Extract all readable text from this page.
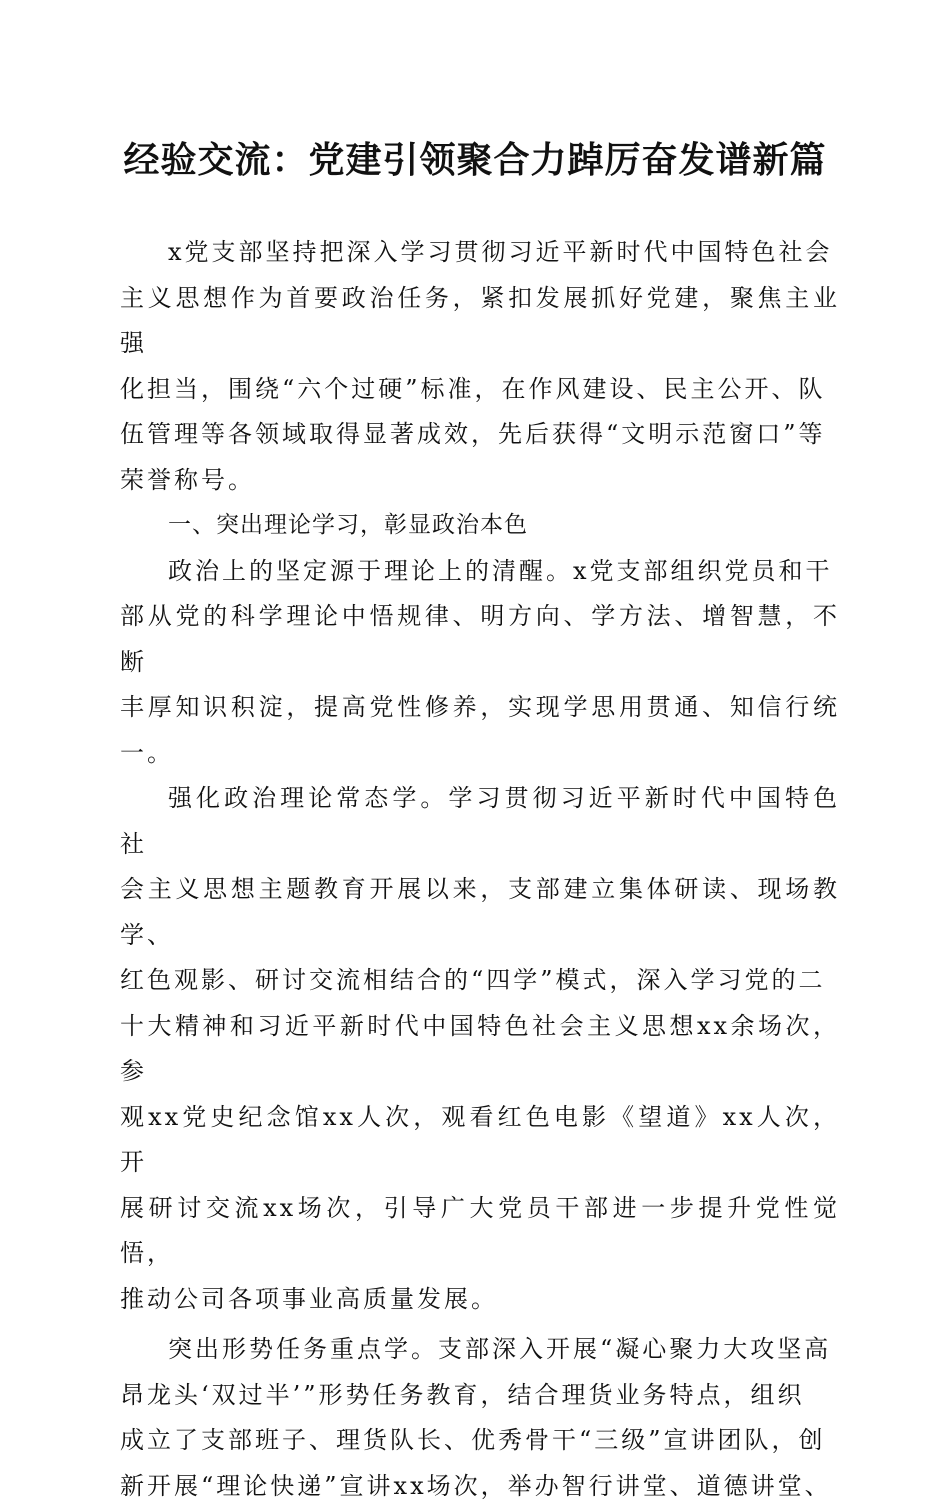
经验交流：党建引领聚合力踔厉奋发谱新篇

x党支部坚持把深入学习贯彻习近平新时代中国特色社会
主义思想作为首要政治任务，紧扣发展抓好党建，聚焦主业强
化担当，围绕“六个过硬”标准，在作风建设、民主公开、队
伍管理等各领域取得显著成效，先后获得“文明示范窗口”等
荣誉称号。

一、突出理论学习，彰显政治本色

政治上的坚定源于理论上的清醒。x党支部组织党员和干
部从党的科学理论中悟规律、明方向、学方法、增智慧，不断
丰厚知识积淀，提高党性修养，实现学思用贯通、知信行统一。

强化政治理论常态学。学习贯彻习近平新时代中国特色社
会主义思想主题教育开展以来，支部建立集体研读、现场教学、
红色观影、研讨交流相结合的“四学”模式，深入学习党的二
十大精神和习近平新时代中国特色社会主义思想xx余场次，参
观xx党史纪念馆xx人次，观看红色电影《望道》xx人次，开
展研讨交流xx场次，引导广大党员干部进一步提升党性觉悟，
推动公司各项事业高质量发展。

突出形势任务重点学。支部深入开展“凝心聚力大攻坚高
昂龙头‘双过半’”形势任务教育，结合理货业务特点，组织
成立了支部班子、理货队长、优秀骨干“三级”宣讲团队，创
新开展“理论快递”宣讲xx场次，举办智行讲堂、道德讲堂、
